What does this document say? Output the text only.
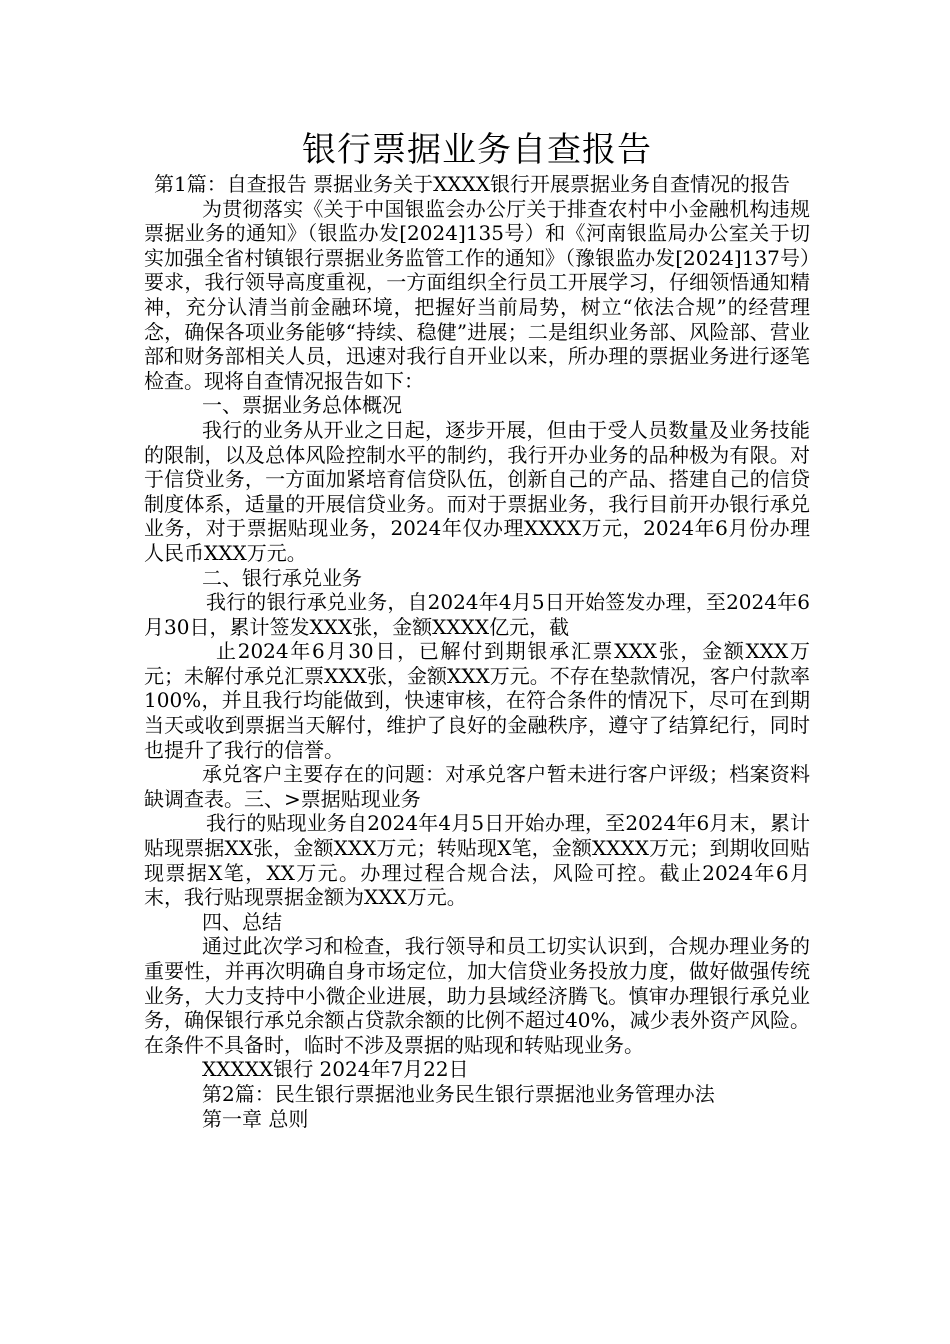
银行票据业务自查报告

第1篇：自查报告 票据业务关于XXXX银行开展票据业务自查情况的报告

为贯彻落实《关于中国银监会办公厅关于排查农村中小金融机构违规票据业务的通知》（银监办发[2024]135号）和《河南银监局办公室关于切实加强全省村镇银行票据业务监管工作的通知》（豫银监办发[2024]137号）要求，我行领导高度重视，一方面组织全行员工开展学习，仔细领悟通知精神，充分认清当前金融环境，把握好当前局势，树立“依法合规”的经营理念，确保各项业务能够“持续、稳健”进展；二是组织业务部、风险部、营业部和财务部相关人员，迅速对我行自开业以来，所办理的票据业务进行逐笔检查。现将自查情况报告如下：

一、票据业务总体概况

我行的业务从开业之日起，逐步开展，但由于受人员数量及业务技能的限制，以及总体风险控制水平的制约，我行开办业务的品种极为有限。对于信贷业务，一方面加紧培育信贷队伍，创新自己的产品、搭建自己的信贷制度体系，适量的开展信贷业务。而对于票据业务，我行目前开办银行承兑业务，对于票据贴现业务，2024年仅办理XXXX万元，2024年6月份办理人民币XXX万元。

二、银行承兑业务

我行的银行承兑业务，自2024年4月5日开始签发办理，至2024年6月30日，累计签发XXX张，金额XXXX亿元，截

止2024年6月30日，已解付到期银承汇票XXX张，金额XXX万元；未解付承兑汇票XXX张，金额XXX万元。不存在垫款情况，客户付款率100%，并且我行均能做到，快速审核，在符合条件的情况下，尽可在到期当天或收到票据当天解付，维护了良好的金融秩序，遵守了结算纪行，同时也提升了我行的信誉。

承兑客户主要存在的问题：对承兑客户暂未进行客户评级；档案资料缺调查表。三、>票据贴现业务

我行的贴现业务自2024年4月5日开始办理，至2024年6月末，累计贴现票据XX张，金额XXX万元；转贴现X笔，金额XXXX万元；到期收回贴现票据X笔，XX万元。办理过程合规合法，风险可控。截止2024年6月末，我行贴现票据金额为XXX万元。

四、总结

通过此次学习和检查，我行领导和员工切实认识到，合规办理业务的重要性，并再次明确自身市场定位，加大信贷业务投放力度，做好做强传统业务，大力支持中小微企业进展，助力县域经济腾飞。慎审办理银行承兑业务，确保银行承兑余额占贷款余额的比例不超过40%，减少表外资产风险。在条件不具备时，临时不涉及票据的贴现和转贴现业务。

XXXXX银行 2024年7月22日

第2篇：民生银行票据池业务民生银行票据池业务管理办法

第一章 总则
